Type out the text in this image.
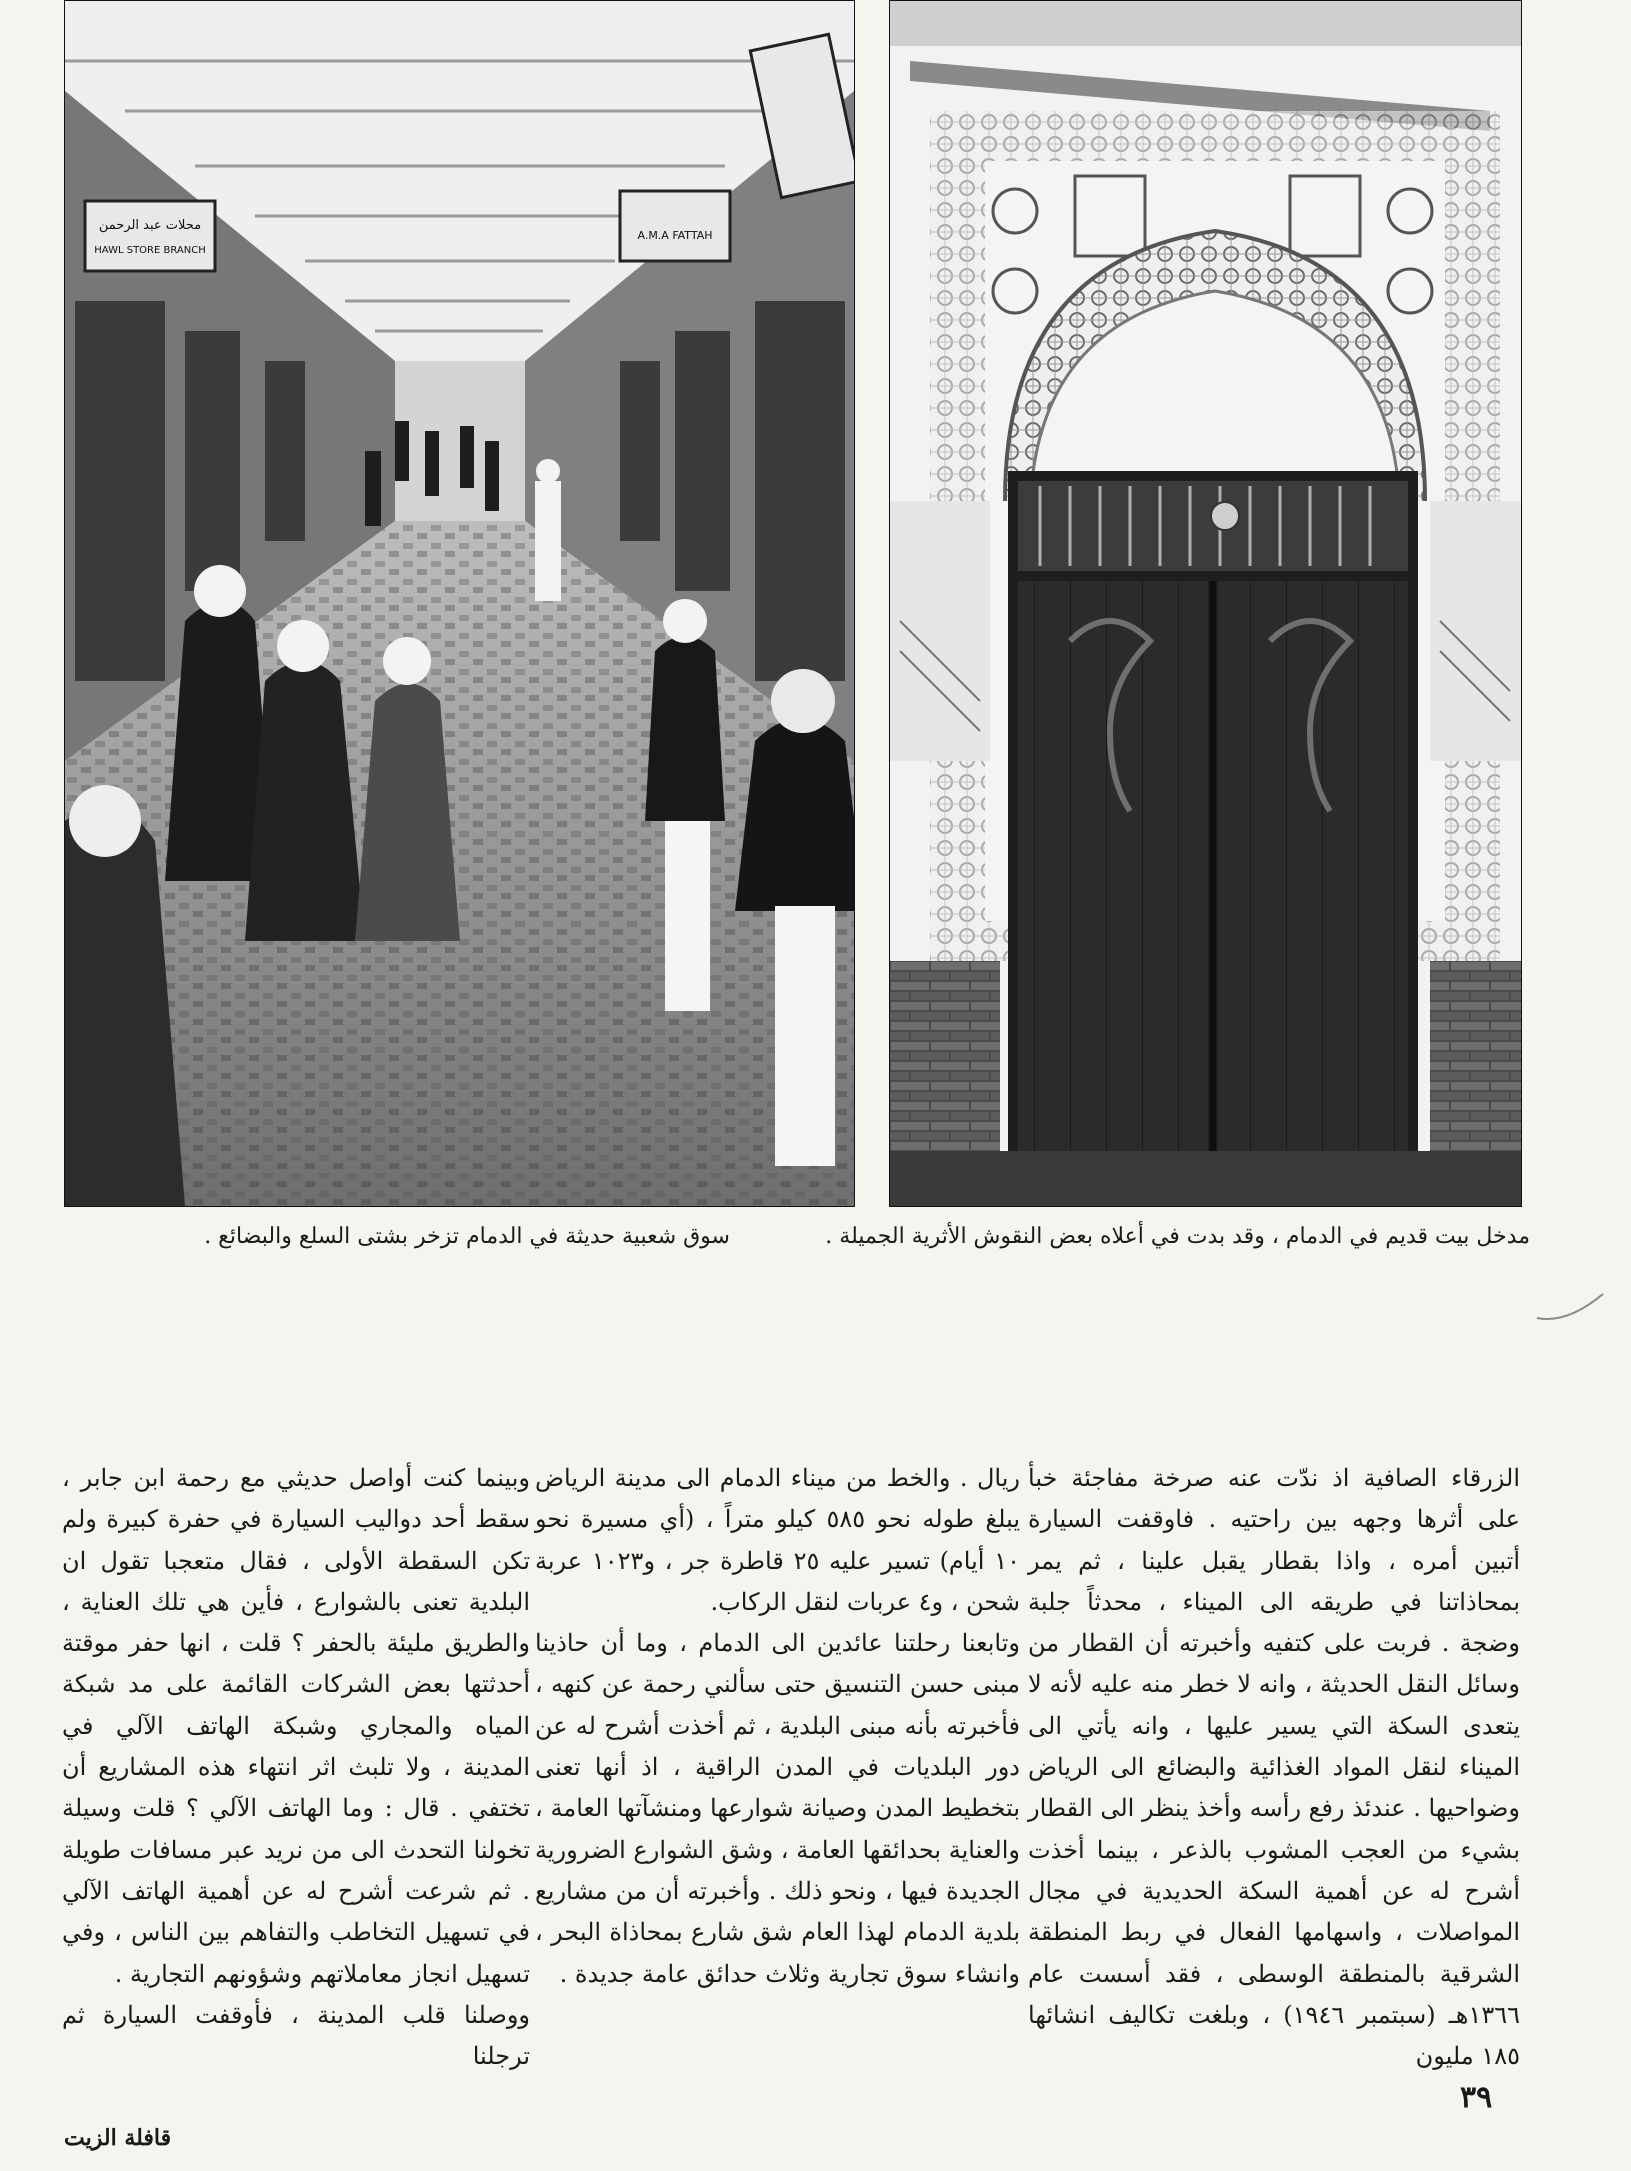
محلات عبد الرحمن
HAWL STORE BRANCH
A.M.A FATTAH
سوق شعبية حديثة في الدمام تزخر بشتى السلع والبضائع .	مدخل بيت قديم في الدمام ، وقد بدت في أعلاه بعض النقوش الأثرية الجميلة .

الزرقاء الصافية اذ ندّت عنه صرخة مفاجئة خبأ على أثرها وجهه بين راحتيه . فاوقفت السيارة أتبين أمره ، واذا بقطار يقبل علينا ، ثم يمر بمحاذاتنا في طريقه الى الميناء ، محدثاً جلبة وضجة . فربت على كتفيه وأخبرته أن القطار من وسائل النقل الحديثة ، وانه لا خطر منه عليه لأنه لا يتعدى السكة التي يسير عليها ، وانه يأتي الى الميناء لنقل المواد الغذائية والبضائع الى الرياض وضواحيها . عندئذ رفع رأسه وأخذ ينظر الى القطار بشيء من العجب المشوب بالذعر ، بينما أخذت أشرح له عن أهمية السكة الحديدية في مجال المواصلات ، واسهامها الفعال في ربط المنطقة الشرقية بالمنطقة الوسطى ، فقد أسست عام ١٣٦٦هـ (سبتمبر ١٩٤٦) ، وبلغت تكاليف انشائها ١٨٥ مليون

ريال . والخط من ميناء الدمام الى مدينة الرياض يبلغ طوله نحو ٥٨٥ كيلو متراً ، (أي مسيرة نحو ١٠ أيام) تسير عليه ٢٥ قاطرة جر ، و١٠٢٣ عربة شحن ، و٤ عربات لنقل الركاب.

وتابعنا رحلتنا عائدين الى الدمام ، وما أن حاذينا مبنى حسن التنسيق حتى سألني رحمة عن كنهه ، فأخبرته بأنه مبنى البلدية ، ثم أخذت أشرح له عن دور البلديات في المدن الراقية ، اذ أنها تعنى بتخطيط المدن وصيانة شوارعها ومنشآتها العامة ، والعناية بحدائقها العامة ، وشق الشوارع الضرورية الجديدة فيها ، ونحو ذلك . وأخبرته أن من مشاريع بلدية الدمام لهذا العام شق شارع بمحاذاة البحر ، وانشاء سوق تجارية وثلاث حدائق عامة جديدة .

وبينما كنت أواصل حديثي مع رحمة ابن جابر ، سقط أحد دواليب السيارة في حفرة كبيرة ولم تكن السقطة الأولى ، فقال متعجبا تقول ان البلدية تعنى بالشوارع ، فأين هي تلك العناية ، والطريق مليئة بالحفر ؟ قلت ، انها حفر موقتة أحدثتها بعض الشركات القائمة على مد شبكة المياه والمجاري وشبكة الهاتف الآلي في المدينة ، ولا تلبث اثر انتهاء هذه المشاريع أن تختفي . قال : وما الهاتف الآلي ؟ قلت وسيلة تخولنا التحدث الى من نريد عبر مسافات طويلة . ثم شرعت أشرح له عن أهمية الهاتف الآلي في تسهيل التخاطب والتفاهم بين الناس ، وفي تسهيل انجاز معاملاتهم وشؤونهم التجارية .

ووصلنا قلب المدينة ، فأوقفت السيارة ثم ترجلنا

٣٩
قافلة الزيت
